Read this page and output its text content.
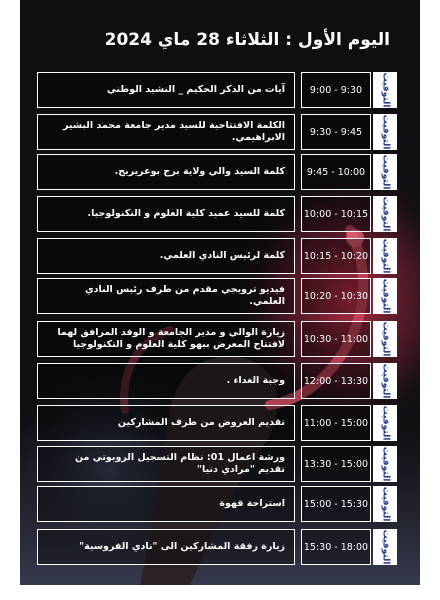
اليوم الأول : الثلاثاء 28 ماي 2024
آيات من الذكر الحكيم _ النشيد الوطني	9:00 - 9:30	التوقيت
الكلمة الافتتاحية للسيد مدير جامعة محمد البشير الابراهيمي.	9:30 - 9:45	التوقيت
كلمة السيد والي ولاية برج بوعريريج.	9:45 - 10:00	التوقيت
كلمة للسيد عميد كلية العلوم و التكنولوجيا.	10:00 - 10:15	التوقيت
كلمة لرئيس النادي العلمي.	10:15 - 10:20	التوقيت
فيديو ترويجي مقدم من طرف رئيس النادي العلمي.	10:20 - 10:30	التوقيت
زيارة الوالي و مدير الجامعة و الوفد المرافق لهما لافتتاح المعرض ببهو كلية العلوم و التكنولوجيا	10:30 - 11:00	التوقيت
وجبة الغداء .	12:00 - 13:30	التوقيت
تقديم العروض من طرف المشاركين	11:00 - 15:00	التوقيت
ورشة اعمال 01: نظام التسجيل الروبوتي من تقديم "مرادي دنيا"	13:30 - 15:00	التوقيت
استراحة قهوة	15:00 - 15:30	التوقيت
زيارة رفقة المشاركين الى "نادي الفروسية"	15:30 - 18:00	التوقيت
